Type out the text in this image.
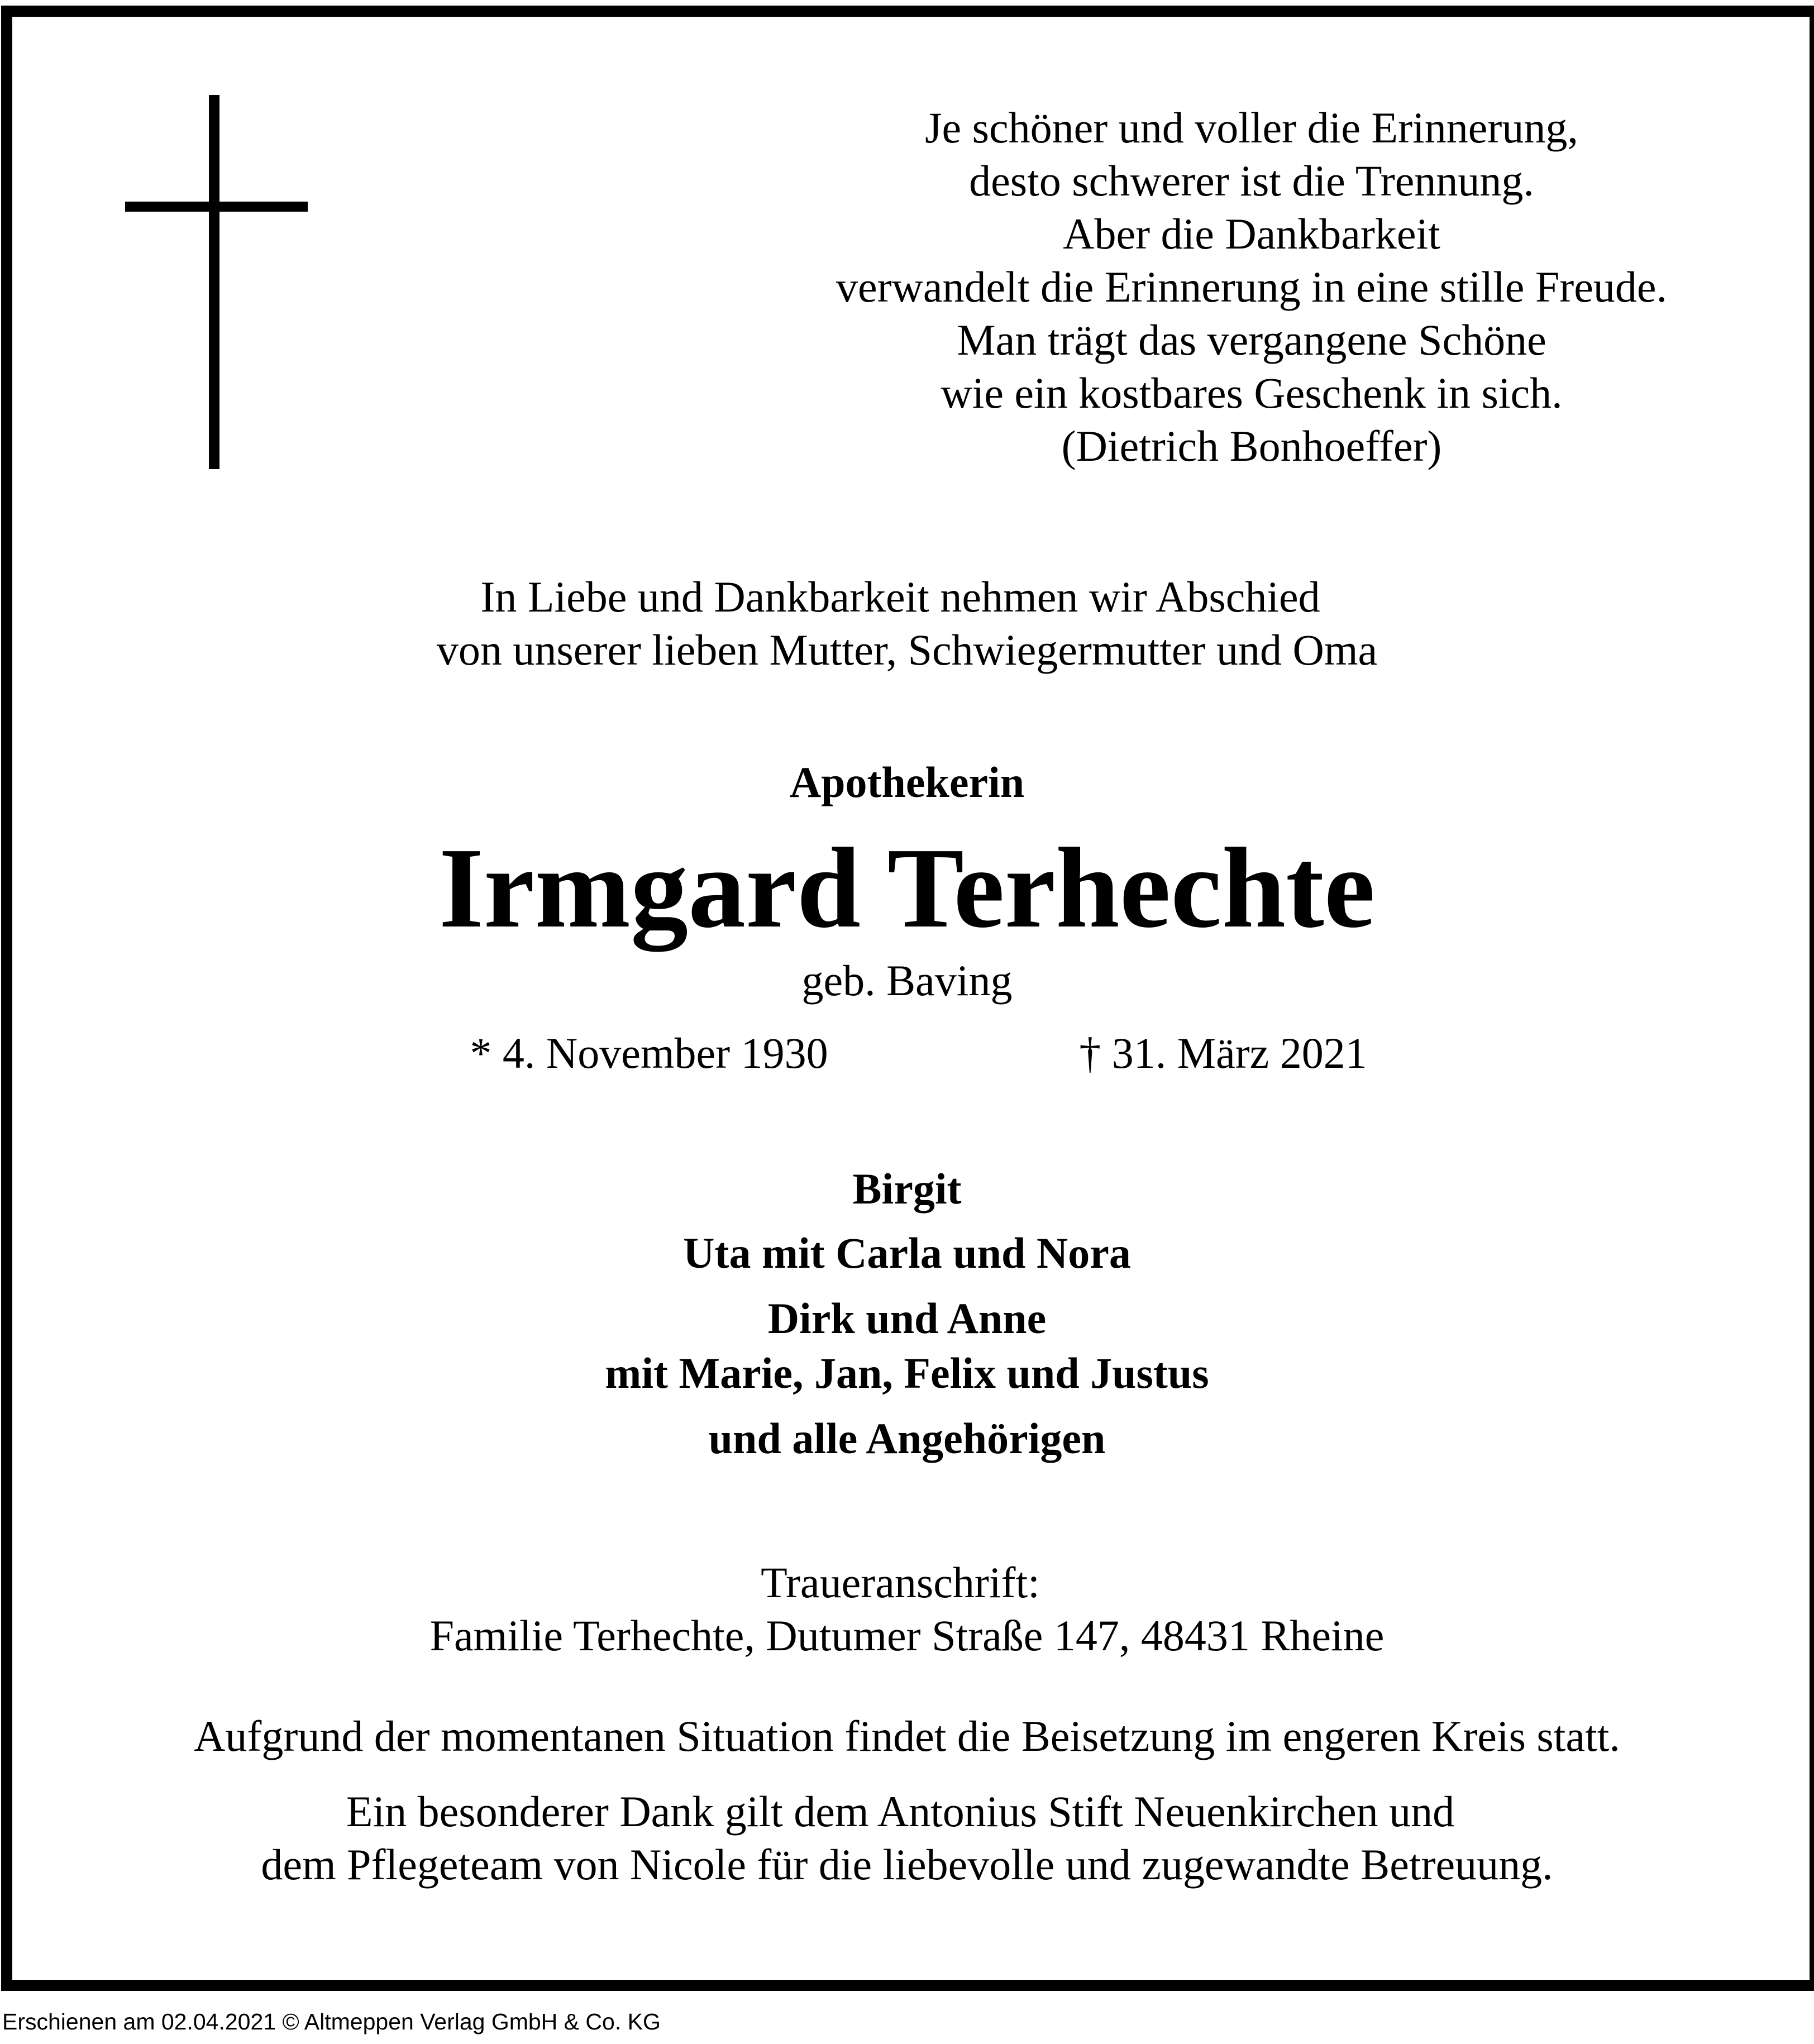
Je schöner und voller die Erinnerung,
desto schwerer ist die Trennung.
Aber die Dankbarkeit
verwandelt die Erinnerung in eine stille Freude.
Man trägt das vergangene Schöne
wie ein kostbares Geschenk in sich.
(Dietrich Bonhoeffer)
In Liebe und Dankbarkeit nehmen wir Abschied
von unserer lieben Mutter, Schwiegermutter und Oma
Apothekerin
Irmgard Terhechte
geb. Baving
* 4. November 1930	† 31. März 2021
Birgit
Uta mit Carla und Nora
Dirk und Anne
mit Marie, Jan, Felix und Justus
und alle Angehörigen
Traueranschrift:
Familie Terhechte, Dutumer Straße 147, 48431 Rheine
Aufgrund der momentanen Situation findet die Beisetzung im engeren Kreis statt.
Ein besonderer Dank gilt dem Antonius Stift Neuenkirchen und
dem Pflegeteam von Nicole für die liebevolle und zugewandte Betreuung.
Erschienen am 02.04.2021 © Altmeppen Verlag GmbH & Co. KG
